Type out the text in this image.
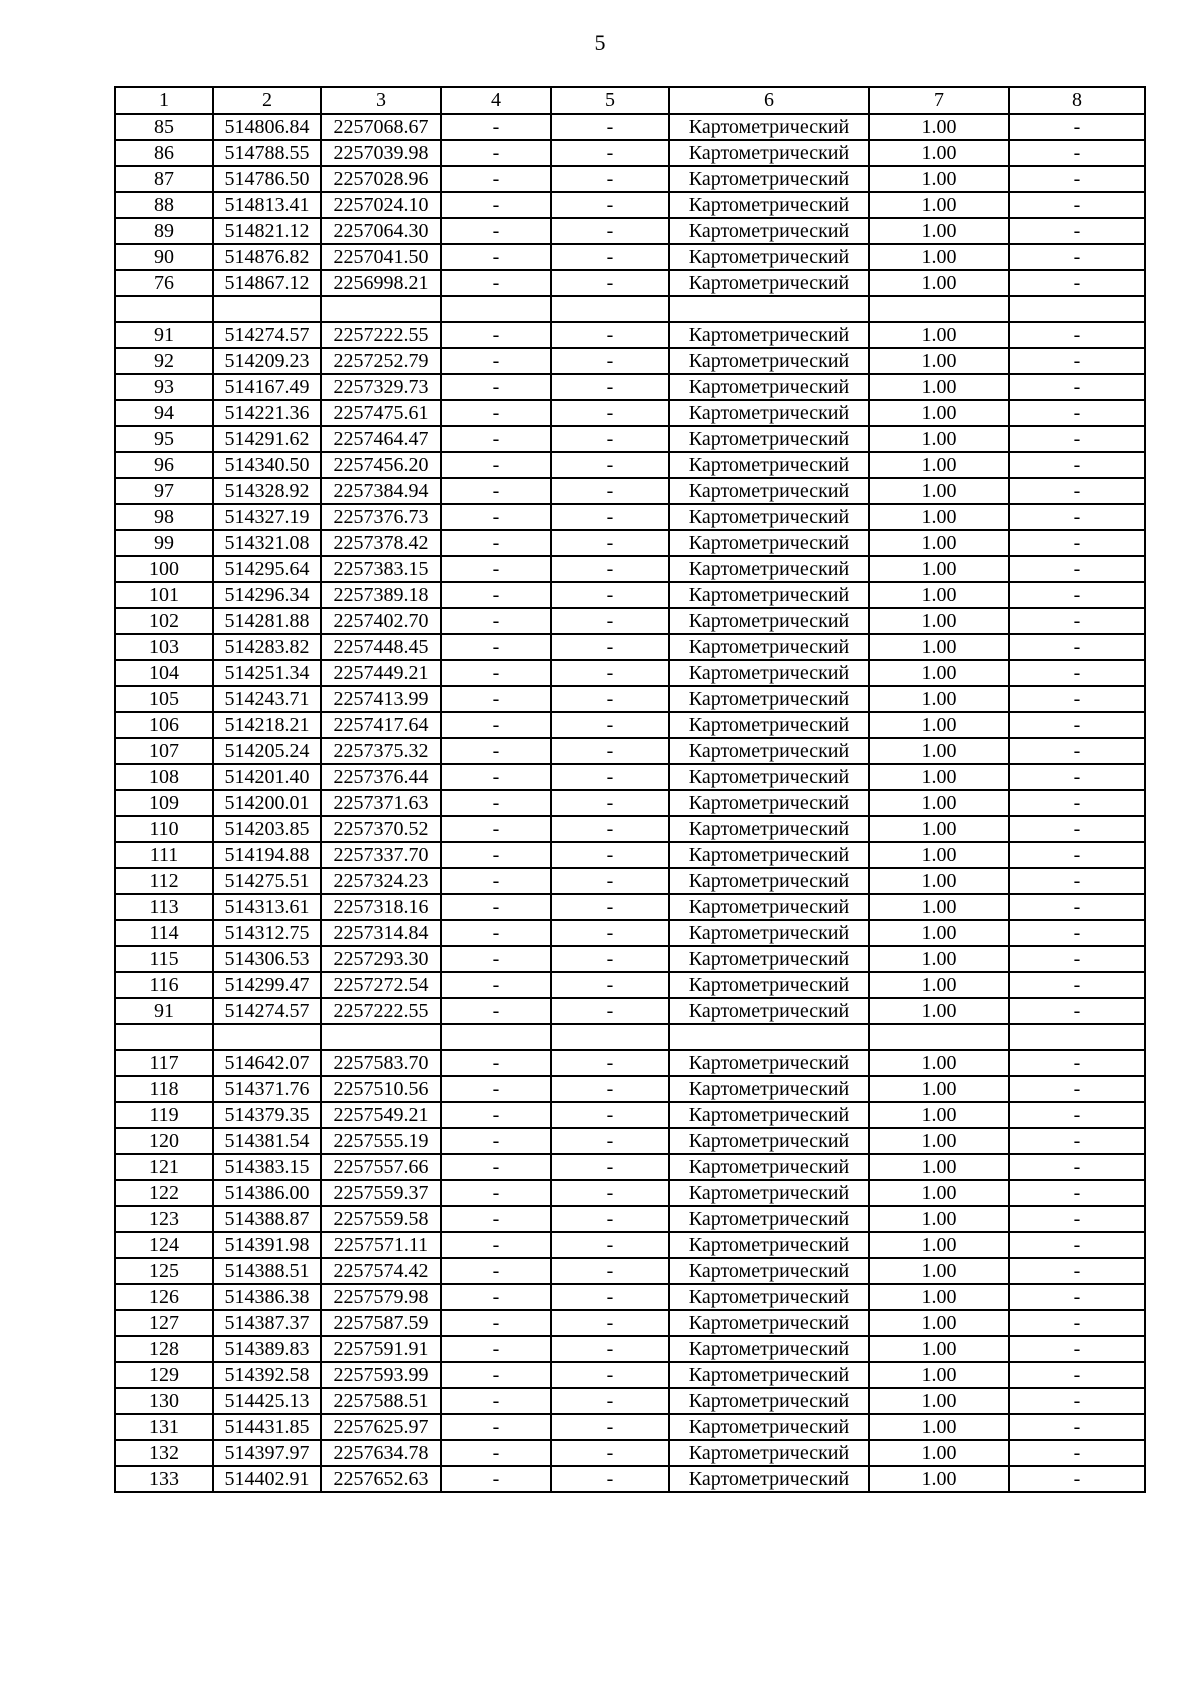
5
1	2	3	4	5	6	7	8
85	514806.84	2257068.67	-	-	Картометрический	1.00	-
86	514788.55	2257039.98	-	-	Картометрический	1.00	-
87	514786.50	2257028.96	-	-	Картометрический	1.00	-
88	514813.41	2257024.10	-	-	Картометрический	1.00	-
89	514821.12	2257064.30	-	-	Картометрический	1.00	-
90	514876.82	2257041.50	-	-	Картометрический	1.00	-
76	514867.12	2256998.21	-	-	Картометрический	1.00	-

91	514274.57	2257222.55	-	-	Картометрический	1.00	-
92	514209.23	2257252.79	-	-	Картометрический	1.00	-
93	514167.49	2257329.73	-	-	Картометрический	1.00	-
94	514221.36	2257475.61	-	-	Картометрический	1.00	-
95	514291.62	2257464.47	-	-	Картометрический	1.00	-
96	514340.50	2257456.20	-	-	Картометрический	1.00	-
97	514328.92	2257384.94	-	-	Картометрический	1.00	-
98	514327.19	2257376.73	-	-	Картометрический	1.00	-
99	514321.08	2257378.42	-	-	Картометрический	1.00	-
100	514295.64	2257383.15	-	-	Картометрический	1.00	-
101	514296.34	2257389.18	-	-	Картометрический	1.00	-
102	514281.88	2257402.70	-	-	Картометрический	1.00	-
103	514283.82	2257448.45	-	-	Картометрический	1.00	-
104	514251.34	2257449.21	-	-	Картометрический	1.00	-
105	514243.71	2257413.99	-	-	Картометрический	1.00	-
106	514218.21	2257417.64	-	-	Картометрический	1.00	-
107	514205.24	2257375.32	-	-	Картометрический	1.00	-
108	514201.40	2257376.44	-	-	Картометрический	1.00	-
109	514200.01	2257371.63	-	-	Картометрический	1.00	-
110	514203.85	2257370.52	-	-	Картометрический	1.00	-
111	514194.88	2257337.70	-	-	Картометрический	1.00	-
112	514275.51	2257324.23	-	-	Картометрический	1.00	-
113	514313.61	2257318.16	-	-	Картометрический	1.00	-
114	514312.75	2257314.84	-	-	Картометрический	1.00	-
115	514306.53	2257293.30	-	-	Картометрический	1.00	-
116	514299.47	2257272.54	-	-	Картометрический	1.00	-
91	514274.57	2257222.55	-	-	Картометрический	1.00	-

117	514642.07	2257583.70	-	-	Картометрический	1.00	-
118	514371.76	2257510.56	-	-	Картометрический	1.00	-
119	514379.35	2257549.21	-	-	Картометрический	1.00	-
120	514381.54	2257555.19	-	-	Картометрический	1.00	-
121	514383.15	2257557.66	-	-	Картометрический	1.00	-
122	514386.00	2257559.37	-	-	Картометрический	1.00	-
123	514388.87	2257559.58	-	-	Картометрический	1.00	-
124	514391.98	2257571.11	-	-	Картометрический	1.00	-
125	514388.51	2257574.42	-	-	Картометрический	1.00	-
126	514386.38	2257579.98	-	-	Картометрический	1.00	-
127	514387.37	2257587.59	-	-	Картометрический	1.00	-
128	514389.83	2257591.91	-	-	Картометрический	1.00	-
129	514392.58	2257593.99	-	-	Картометрический	1.00	-
130	514425.13	2257588.51	-	-	Картометрический	1.00	-
131	514431.85	2257625.97	-	-	Картометрический	1.00	-
132	514397.97	2257634.78	-	-	Картометрический	1.00	-
133	514402.91	2257652.63	-	-	Картометрический	1.00	-
